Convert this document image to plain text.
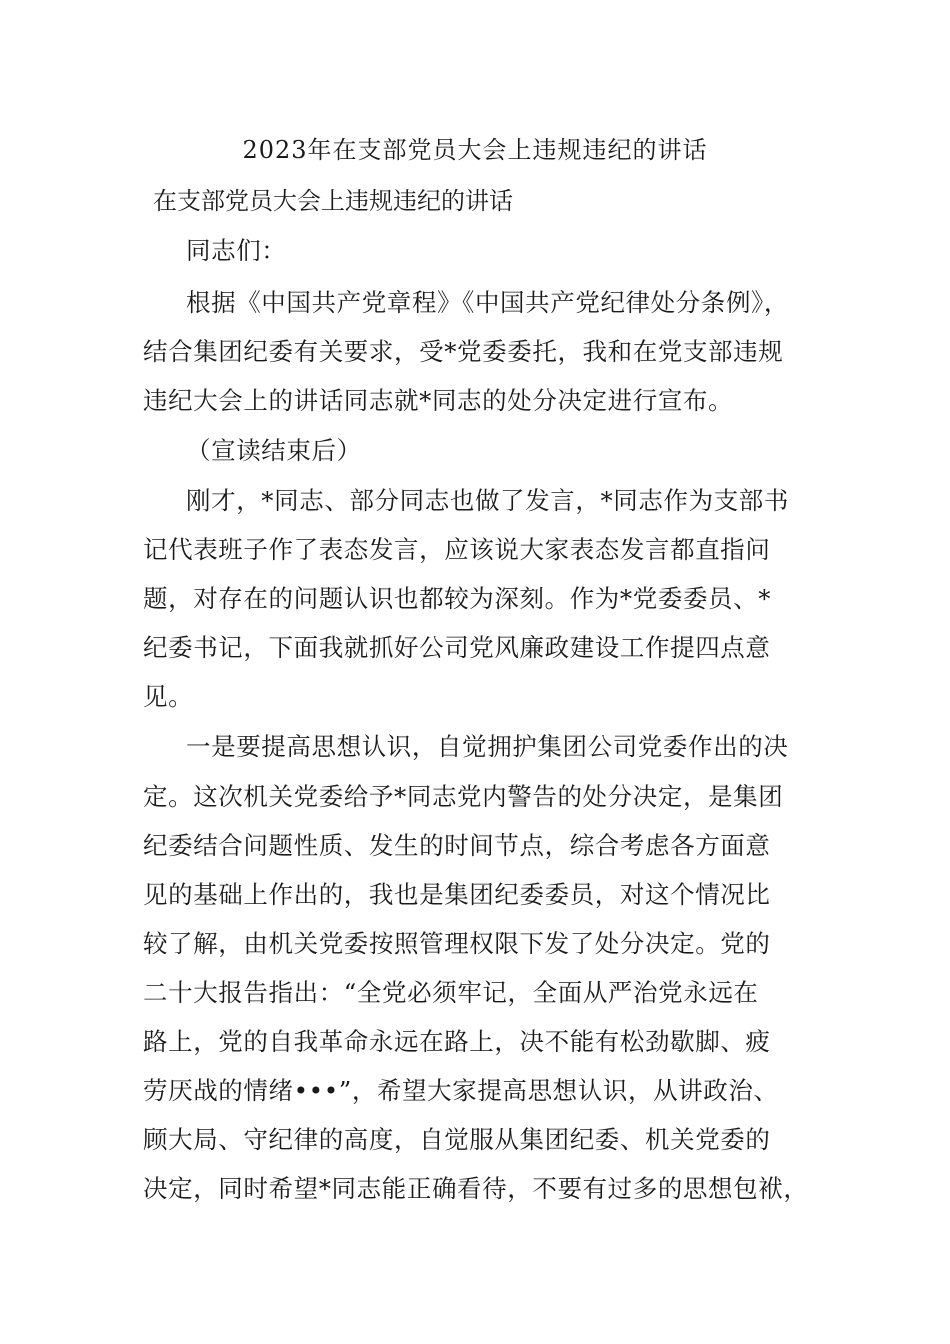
2023年在支部党员大会上违规违纪的讲话

在支部党员大会上违规违纪的讲话

同志们：

根据《中国共产党章程》《中国共产党纪律处分条例》，

结合集团纪委有关要求，受*党委委托，我和在党支部违规

违纪大会上的讲话同志就*同志的处分决定进行宣布。

（宣读结束后）

刚才，*同志、部分同志也做了发言，*同志作为支部书

记代表班子作了表态发言，应该说大家表态发言都直指问

题，对存在的问题认识也都较为深刻。作为*党委委员、*

纪委书记，下面我就抓好公司党风廉政建设工作提四点意

见。

一是要提高思想认识，自觉拥护集团公司党委作出的决

定。这次机关党委给予*同志党内警告的处分决定，是集团

纪委结合问题性质、发生的时间节点，综合考虑各方面意

见的基础上作出的，我也是集团纪委委员，对这个情况比

较了解，由机关党委按照管理权限下发了处分决定。党的

二十大报告指出：“全党必须牢记，全面从严治党永远在

路上，党的自我革命永远在路上，决不能有松劲歇脚、疲

劳厌战的情绪•••”，希望大家提高思想认识，从讲政治、

顾大局、守纪律的高度，自觉服从集团纪委、机关党委的

决定，同时希望*同志能正确看待，不要有过多的思想包袱，
